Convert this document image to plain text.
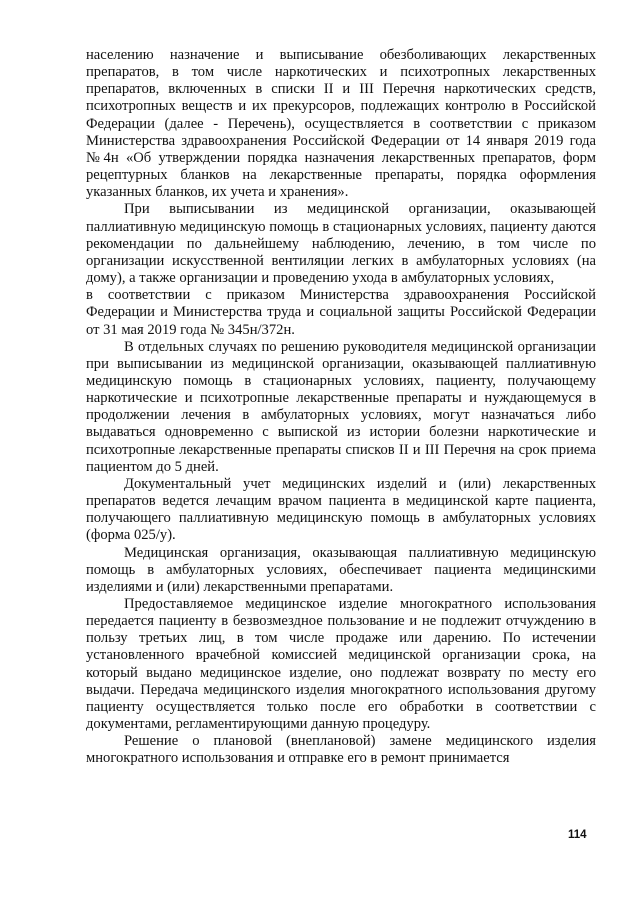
населению назначение и выписывание обезболивающих лекарственных препаратов, в том числе наркотических и психотропных лекарственных препаратов, включенных в списки II и III Перечня наркотических средств, психотропных веществ и их прекурсоров, подлежащих контролю в Российской Федерации (далее - Перечень), осуществляется в соответствии с приказом Министерства здравоохранения Российской Федерации от 14 января 2019 года №4н «Об утверждении порядка назначения лекарственных препаратов, форм рецептурных бланков на лекарственные препараты, порядка оформления указанных бланков, их учета и хранения».

При выписывании из медицинской организации, оказывающей паллиативную медицинскую помощь в стационарных условиях, пациенту даются рекомендации по дальнейшему наблюдению, лечению, в том числе по организации искусственной вентиляции легких в амбулаторных условиях (на дому), а также организации и проведению ухода в амбулаторных условиях,

в соответствии с приказом Министерства здравоохранения Российской Федерации и Министерства труда и социальной защиты Российской Федерации от 31 мая 2019 года № 345н/372н.

В отдельных случаях по решению руководителя медицинской организации при выписывании из медицинской организации, оказывающей паллиативную медицинскую помощь в стационарных условиях, пациенту, получающему наркотические и психотропные лекарственные препараты и нуждающемуся в продолжении лечения в амбулаторных условиях, могут назначаться либо выдаваться одновременно с выпиской из истории болезни наркотические и психотропные лекарственные препараты списков II и III Перечня на срок приема пациентом до 5 дней.

Документальный учет медицинских изделий и (или) лекарственных препаратов ведется лечащим врачом пациента в медицинской карте пациента, получающего паллиативную медицинскую помощь в амбулаторных условиях (форма 025/у).

Медицинская организация, оказывающая паллиативную медицинскую помощь в амбулаторных условиях, обеспечивает пациента медицинскими изделиями и (или) лекарственными препаратами.

Предоставляемое медицинское изделие многократного использования передается пациенту в безвозмездное пользование и не подлежит отчуждению в пользу третьих лиц, в том числе продаже или дарению. По истечении установленного врачебной комиссией медицинской организации срока, на который выдано медицинское изделие, оно подлежат возврату по месту его выдачи. Передача медицинского изделия многократного использования другому пациенту осуществляется только после его обработки в соответствии с документами, регламентирующими данную процедуру.

Решение о плановой (внеплановой) замене медицинского изделия многократного использования и отправке его в ремонт принимается

114
